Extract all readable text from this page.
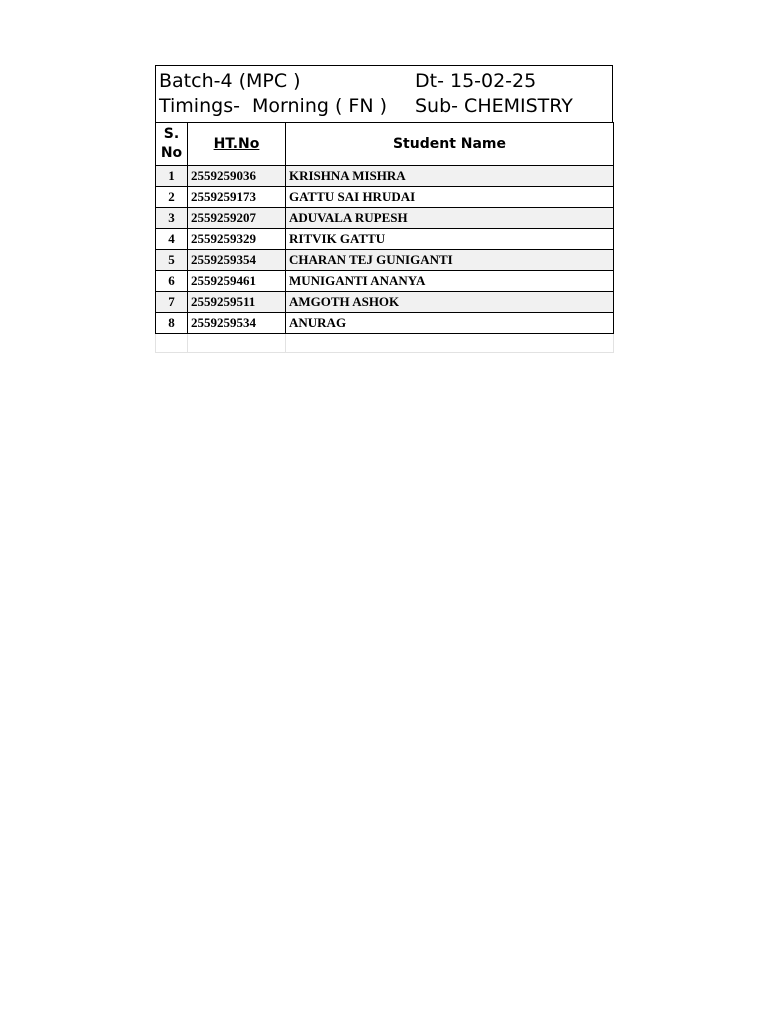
Batch-4 (MPC )	Dt- 15-02-25
Timings-  Morning ( FN ) Sub- CHEMISTRY
S.
No	HT.No	Student Name
1	2559259036	KRISHNA MISHRA
2	2559259173	GATTU SAI HRUDAI
3	2559259207	ADUVALA RUPESH
4	2559259329	RITVIK GATTU
5	2559259354	CHARAN TEJ GUNIGANTI
6	2559259461	MUNIGANTI ANANYA
7	2559259511	AMGOTH ASHOK
8	2559259534	ANURAG
